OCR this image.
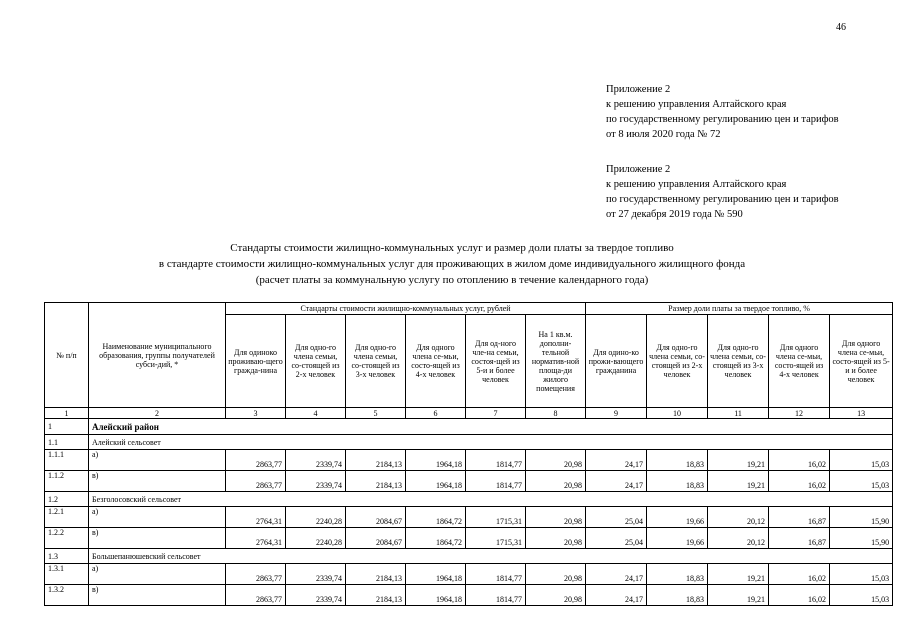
46
Приложение 2
к решению управления Алтайского края
по государственному регулированию цен и тарифов
от 8 июля 2020 года № 72
Приложение 2
к решению управления Алтайского края
по государственному регулированию цен и тарифов
от 27 декабря 2019 года № 590
Стандарты стоимости жилищно-коммунальных услуг и размер доли платы за твердое топливо
в стандарте стоимости жилищно-коммунальных услуг для проживающих в жилом доме индивидуального жилищного фонда
(расчет платы за коммунальную услугу по отоплению в течение календарного года)
№ п/п	Наименование муниципального образования, группы получателей субси-дий, *	Стандарты стоимости жилищно-коммунальных услуг, рублей						Размер доли платы за твердое топливо, %				
		Для одиноко проживаю-щего гражда-нина	Для одно-го члена семьи, со-стоящей из 2-х человек	Для одно-го члена семьи, со-стоящей из 3-х человек	Для одного члена се-мьи, состо-ящей из 4-х человек	Для од-ного чле-на семьи, состоя-щей из 5-и и более человек	На 1 кв.м. дополни-тельной норматив-ной площа-ди жилого помещения	Для одино-ко прожи-вающего гражданина	Для одно-го члена семьи, со-стоящей из 2-х человек	Для одно-го члена семьи, со-стоящей из 3-х человек	Для одного члена се-мьи, состо-ящей из 4-х человек	Для одного члена се-мьи, состо-ящей из 5-и и более человек
1	2	3	4	5	6	7	8	9	10	11	12	13
1	Алейский район											
1.1	Алейский сельсовет											
1.1.1	а)	2863,77	2339,74	2184,13	1964,18	1814,77	20,98	24,17	18,83	19,21	16,02	15,03
1.1.2	в)	2863,77	2339,74	2184,13	1964,18	1814,77	20,98	24,17	18,83	19,21	16,02	15,03
1.2	Безголосовский сельсовет											
1.2.1	а)	2764,31	2240,28	2084,67	1864,72	1715,31	20,98	25,04	19,66	20,12	16,87	15,90
1.2.2	в)	2764,31	2240,28	2084,67	1864,72	1715,31	20,98	25,04	19,66	20,12	16,87	15,90
1.3	Большепанюшевский сельсовет											
1.3.1	а)	2863,77	2339,74	2184,13	1964,18	1814,77	20,98	24,17	18,83	19,21	16,02	15,03
1.3.2	в)	2863,77	2339,74	2184,13	1964,18	1814,77	20,98	24,17	18,83	19,21	16,02	15,03
